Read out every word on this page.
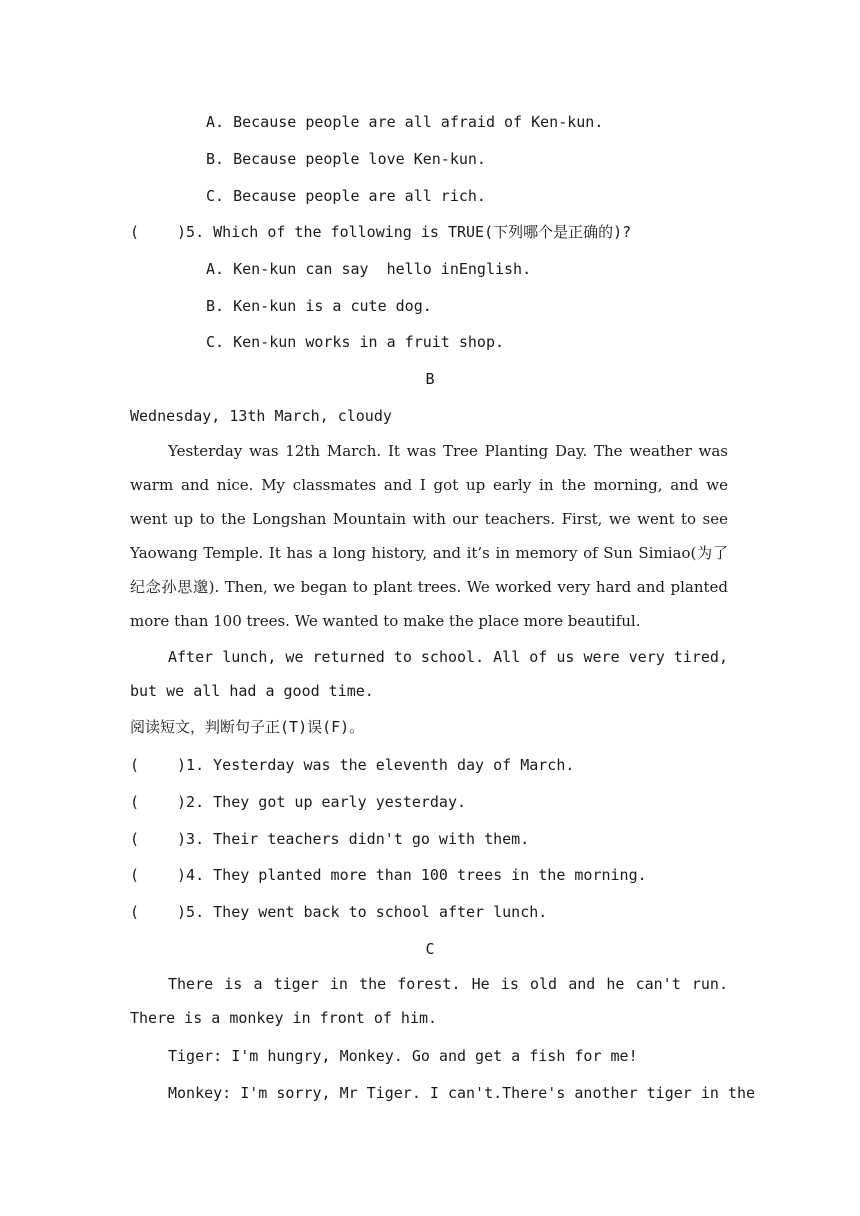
A. Because people are all afraid of Ken-kun.
B. Because people love Ken-kun.
C. Because people are all rich.
(	)5. Which of the following is TRUE(下列哪个是正确的)?
A. Ken-kun can say  hello inEnglish.
B. Ken-kun is a cute dog.
C. Ken-kun works in a fruit shop.
B
Wednesday, 13th March, cloudy
Yesterday was 12th March. It was Tree Planting Day. The weather was warm and nice. My classmates and I got up early in the morning, and we went up to the Longshan Mountain with our teachers. First, we went to see Yaowang Temple. It has a long history, and it’s in memory of Sun Simiao(为了纪念孙思邈). Then, we began to plant trees. We worked very hard and planted more than 100 trees. We wanted to make the place more beautiful.
After lunch, we returned to school. All of us were very tired, but we all had a good time.
阅读短文，判断句子正(T)误(F)。
(	)1. Yesterday was the eleventh day of March.
(	)2. They got up early yesterday.
(	)3. Their teachers didn't go with them.
(	)4. They planted more than 100 trees in the morning.
(	)5. They went back to school after lunch.
C
There is a tiger in the forest. He is old and he can't run. There is a monkey in front of him.
Tiger: I'm hungry, Monkey. Go and get a fish for me!
Monkey: I'm sorry, Mr Tiger. I can't.There's another tiger in the
